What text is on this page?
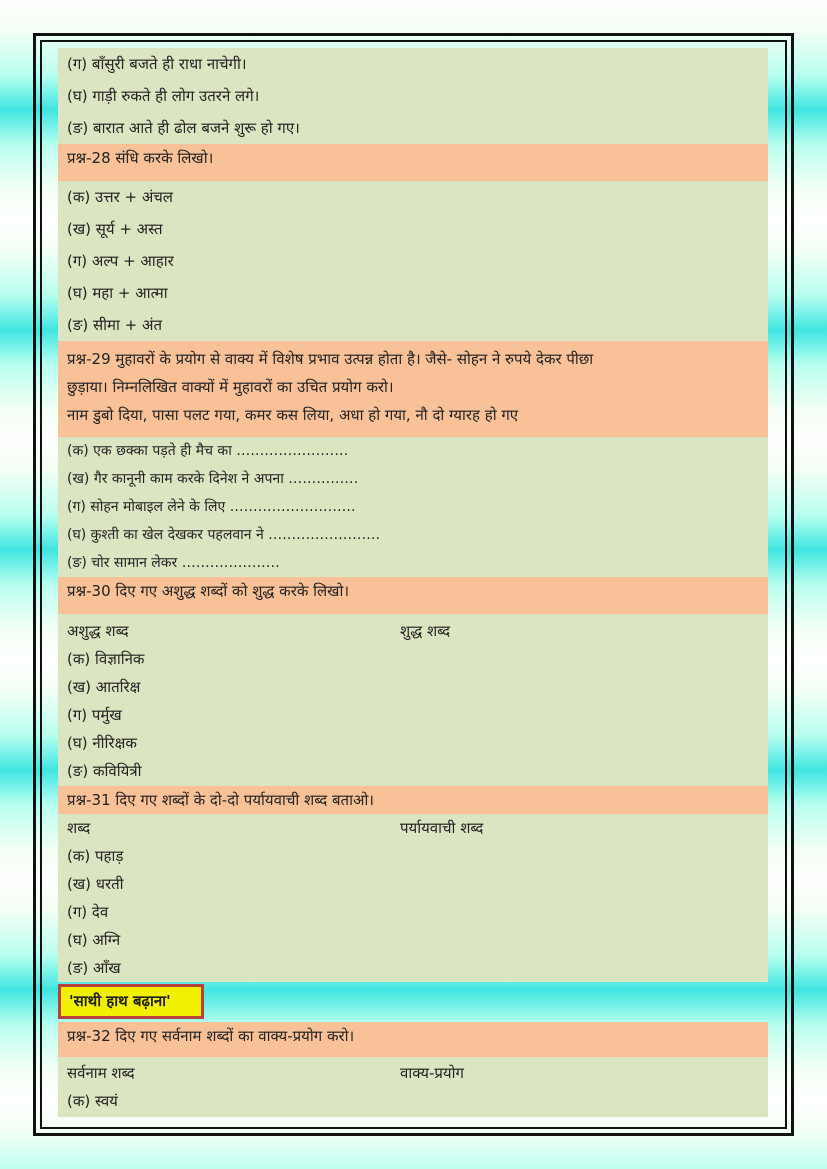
(ग) बाँसुरी बजते ही राधा नाचेगी।
(घ) गाड़ी रुकते ही लोग उतरने लगे।
(ङ) बारात आते ही ढोल बजने शुरू हो गए।
प्रश्न-28 संधि करके लिखो।
(क) उत्तर + अंचल
(ख) सूर्य + अस्त
(ग) अल्प + आहार
(घ) महा + आत्मा
(ङ) सीमा + अंत
प्रश्न-29 मुहावरों के प्रयोग से वाक्य में विशेष प्रभाव उत्पन्न होता है। जैसे- सोहन ने रुपये देकर पीछा
छुड़ाया। निम्नलिखित वाक्यों में मुहावरों का उचित प्रयोग करो।
नाम डुबो दिया, पासा पलट गया, कमर कस लिया, अधा हो गया, नौ दो ग्यारह हो गए
(क) एक छक्का पड़ते ही मैच का ……………………
(ख) गैर कानूनी काम करके दिनेश ने अपना ……………
(ग) सोहन मोबाइल लेने के लिए ………………………
(घ) कुश्ती का खेल देखकर पहलवान ने ……………………
(ङ) चोर सामान लेकर …………………
प्रश्न-30 दिए गए अशुद्ध शब्दों को शुद्ध करके लिखो।
अशुद्ध शब्द	शुद्ध शब्द
(क) विज्ञानिक
(ख) आतरिक्ष
(ग) पर्मुख
(घ) नीरिक्षक
(ङ) कवियित्री
प्रश्न-31 दिए गए शब्दों के दो-दो पर्यायवाची शब्द बताओ।
शब्द	पर्यायवाची शब्द
(क) पहाड़
(ख) धरती
(ग) देव
(घ) अग्नि
(ङ) आँख
'साथी हाथ बढ़ाना'
प्रश्न-32 दिए गए सर्वनाम शब्दों का वाक्य-प्रयोग करो।
सर्वनाम शब्द	वाक्य-प्रयोग
(क) स्वयं
